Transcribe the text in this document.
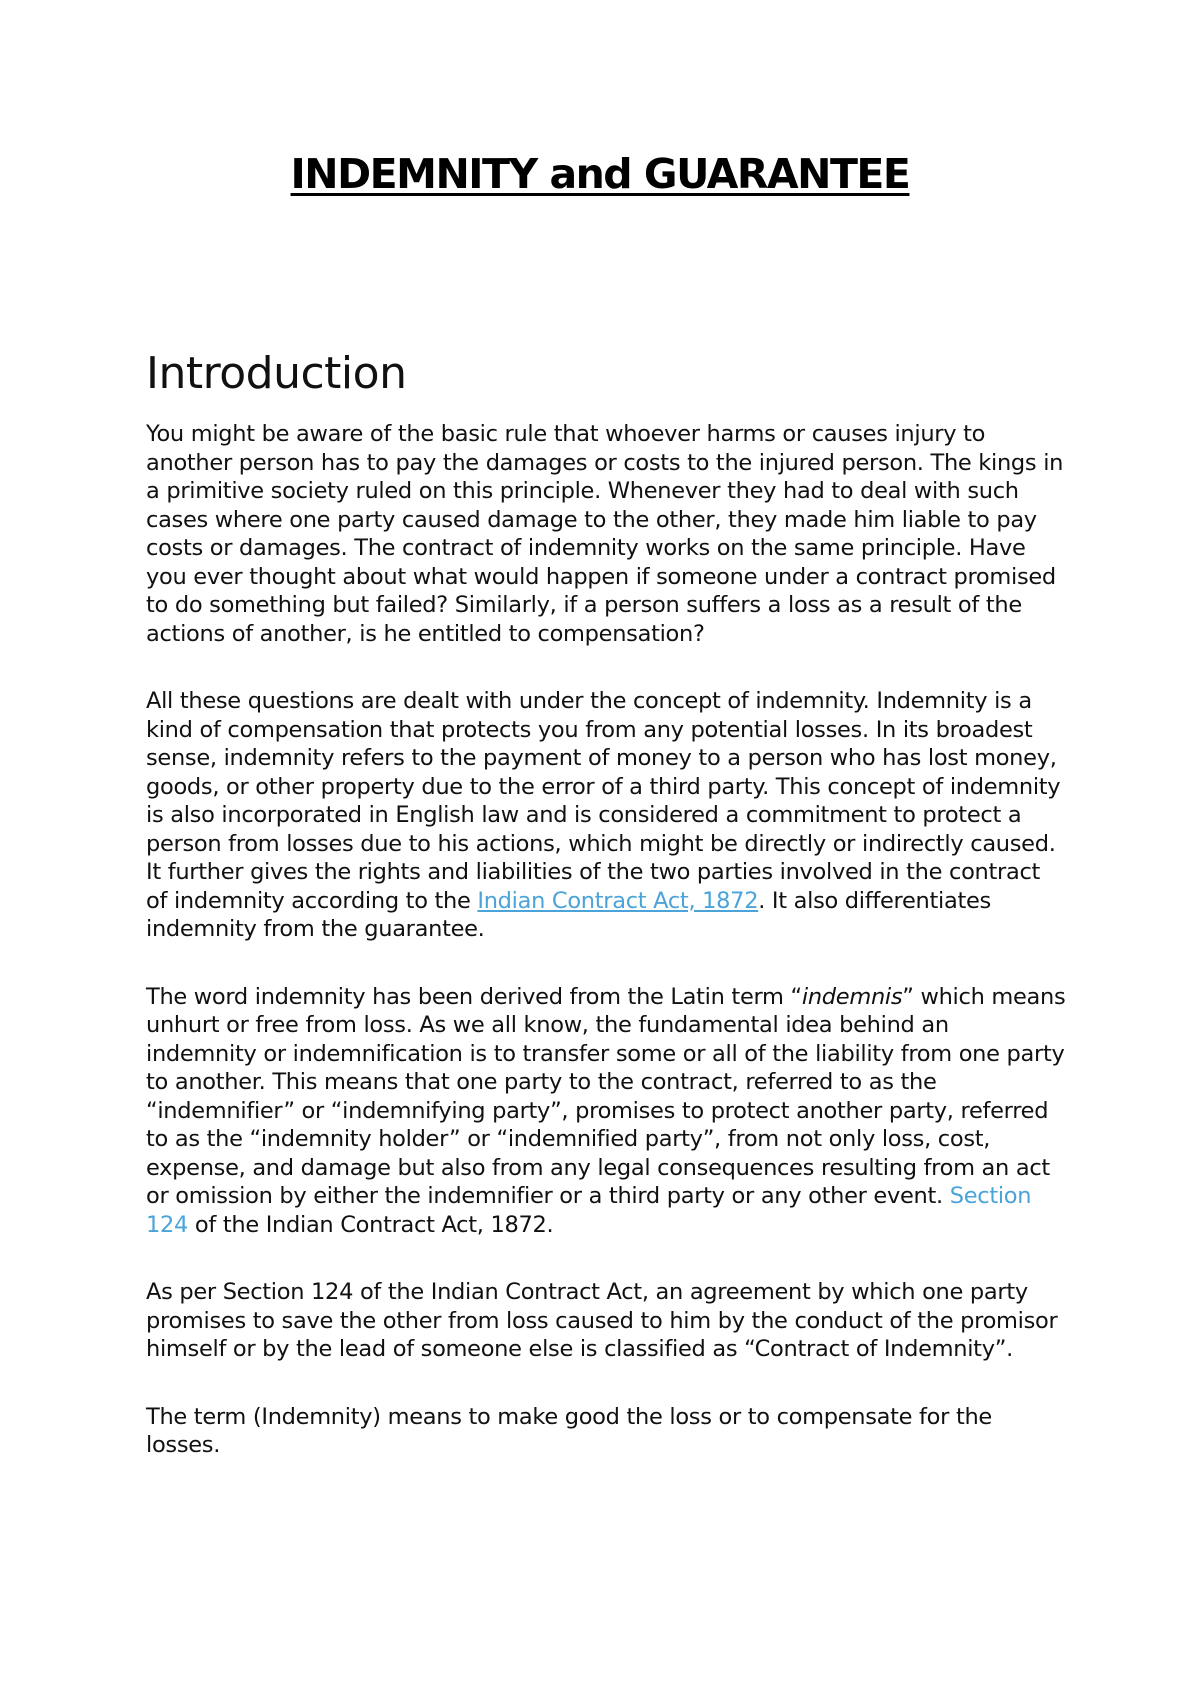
INDEMNITY and GUARANTEE
Introduction

You might be aware of the basic rule that whoever harms or causes injury to another person has to pay the damages or costs to the injured person. The kings in a primitive society ruled on this principle. Whenever they had to deal with such cases where one party caused damage to the other, they made him liable to pay costs or damages. The contract of indemnity works on the same principle. Have you ever thought about what would happen if someone under a contract promised to do something but failed? Similarly, if a person suffers a loss as a result of the actions of another, is he entitled to compensation?

All these questions are dealt with under the concept of indemnity. Indemnity is a kind of compensation that protects you from any potential losses. In its broadest sense, indemnity refers to the payment of money to a person who has lost money, goods, or other property due to the error of a third party. This concept of indemnity is also incorporated in English law and is considered a commitment to protect a person from losses due to his actions, which might be directly or indirectly caused. It further gives the rights and liabilities of the two parties involved in the contract of indemnity according to the Indian Contract Act, 1872. It also differentiates indemnity from the guarantee.

The word indemnity has been derived from the Latin term “indemnis” which means unhurt or free from loss. As we all know, the fundamental idea behind an indemnity or indemnification is to transfer some or all of the liability from one party to another. This means that one party to the contract, referred to as the “indemnifier” or “indemnifying party”, promises to protect another party, referred to as the “indemnity holder” or “indemnified party”, from not only loss, cost, expense, and damage but also from any legal consequences resulting from an act or omission by either the indemnifier or a third party or any other event. Section 124 of the Indian Contract Act, 1872.

As per Section 124 of the Indian Contract Act, an agreement by which one party promises to save the other from loss caused to him by the conduct of the promisor himself or by the lead of someone else is classified as “Contract of Indemnity”.

The term (Indemnity) means to make good the loss or to compensate for the losses.
